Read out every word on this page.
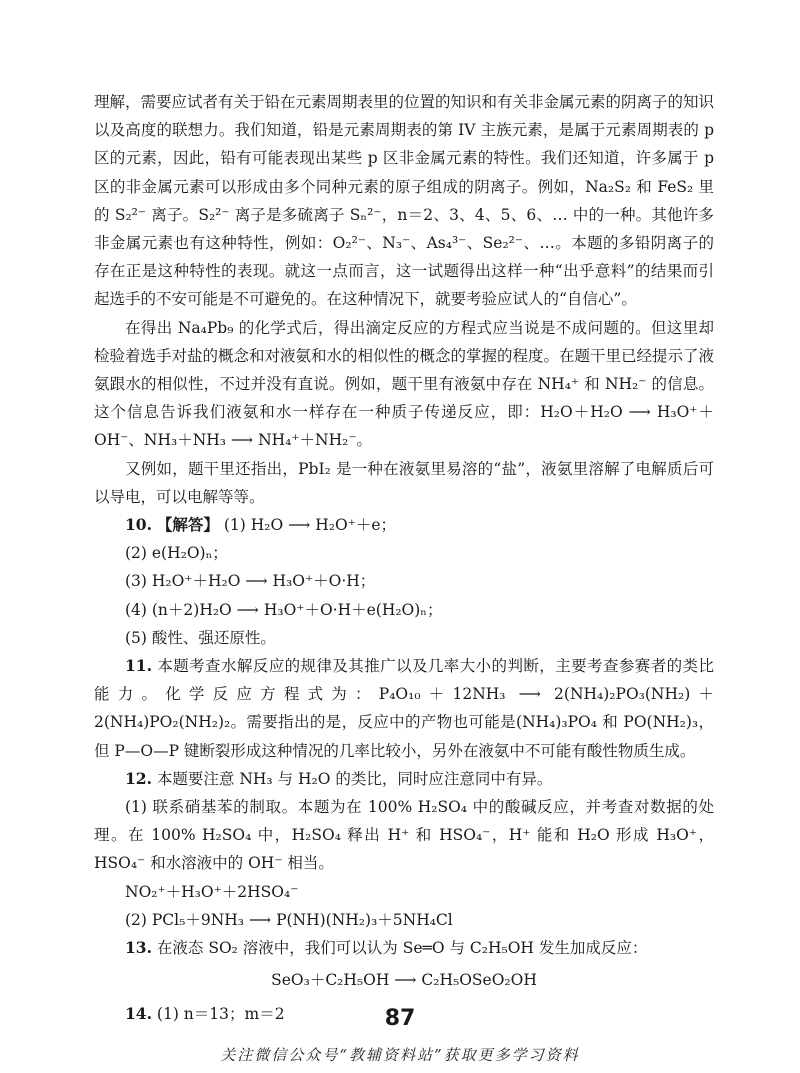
理解，需要应试者有关于铅在元素周期表里的位置的知识和有关非金属元素的阴离子的知识以及高度的联想力。我们知道，铅是元素周期表的第 IV 主族元素，是属于元素周期表的 p 区的元素，因此，铅有可能表现出某些 p 区非金属元素的特性。我们还知道，许多属于 p 区的非金属元素可以形成由多个同种元素的原子组成的阴离子。例如，Na₂S₂ 和 FeS₂ 里的 S₂²⁻ 离子。S₂²⁻ 离子是多硫离子 Sₙ²⁻，n＝2、3、4、5、6、… 中的一种。其他许多非金属元素也有这种特性，例如：O₂²⁻、N₃⁻、As₄³⁻、Se₂²⁻、…。本题的多铅阴离子的存在正是这种特性的表现。就这一点而言，这一试题得出这样一种“出乎意料”的结果而引起选手的不安可能是不可避免的。在这种情况下，就要考验应试人的“自信心”。

在得出 Na₄Pb₉ 的化学式后，得出滴定反应的方程式应当说是不成问题的。但这里却检验着选手对盐的概念和对液氨和水的相似性的概念的掌握的程度。在题干里已经提示了液氨跟水的相似性，不过并没有直说。例如，题干里有液氨中存在 NH₄⁺ 和 NH₂⁻ 的信息。这个信息告诉我们液氨和水一样存在一种质子传递反应，即：H₂O＋H₂O ⟶ H₃O⁺＋OH⁻、NH₃＋NH₃ ⟶ NH₄⁺＋NH₂⁻。

又例如，题干里还指出，PbI₂ 是一种在液氨里易溶的“盐”，液氨里溶解了电解质后可以导电，可以电解等等。

10. 【解答】 (1) H₂O ⟶ H₂O⁺＋e；

(2) e(H₂O)ₙ；

(3) H₂O⁺＋H₂O ⟶ H₃O⁺＋O·H；

(4) (n＋2)H₂O ⟶ H₃O⁺＋O·H＋e(H₂O)ₙ；

(5) 酸性、强还原性。

11. 本题考查水解反应的规律及其推广以及几率大小的判断，主要考查参赛者的类比能力。化学反应方程式为：P₄O₁₀＋12NH₃ ⟶ 2(NH₄)₂PO₃(NH₂)＋2(NH₄)PO₂(NH₂)₂。需要指出的是，反应中的产物也可能是(NH₄)₃PO₄ 和 PO(NH₂)₃，但 P—O—P 键断裂形成这种情况的几率比较小，另外在液氨中不可能有酸性物质生成。

12. 本题要注意 NH₃ 与 H₂O 的类比，同时应注意同中有异。

(1) 联系硝基苯的制取。本题为在 100% H₂SO₄ 中的酸碱反应，并考查对数据的处理。在 100% H₂SO₄ 中，H₂SO₄ 释出 H⁺ 和 HSO₄⁻，H⁺ 能和 H₂O 形成 H₃O⁺，HSO₄⁻ 和水溶液中的 OH⁻ 相当。

NO₂⁺＋H₃O⁺＋2HSO₄⁻

(2) PCl₅＋9NH₃ ⟶ P(NH)(NH₂)₃＋5NH₄Cl

13. 在液态 SO₂ 溶液中，我们可以认为 Se═O 与 C₂H₅OH 发生加成反应：

SeO₃＋C₂H₅OH ⟶ C₂H₅OSeO₂OH

14. (1) n＝13；m＝2	87
关注微信公众号“教辅资料站”获取更多学习资料
